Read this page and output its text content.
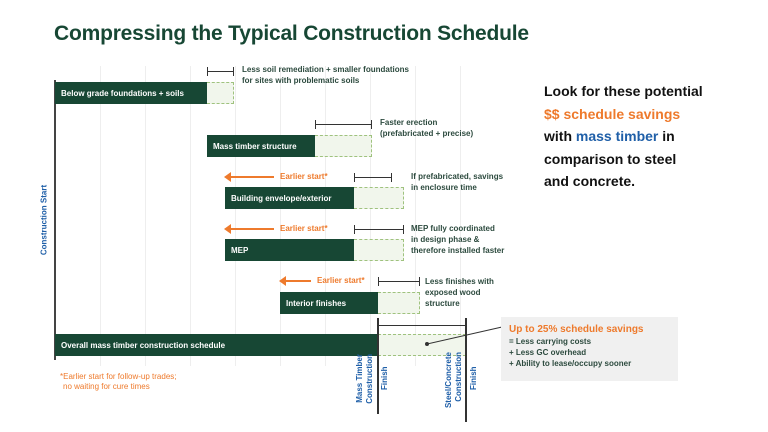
Compressing the Typical Construction Schedule
Construction Start
Less soil remediation + smaller foundations
for sites with problematic soils
Below grade foundations + soils
Faster erection
(prefabricated + precise)
Mass timber structure
Earlier start*	If prefabricated, savings
in enclosure time
Building envelope/exterior
Earlier start*	MEP fully coordinated
in design phase &
therefore installed faster
MEP
Earlier start*	Less finishes with
exposed wood
structure
Interior finishes
Overall mass timber construction schedule
Mass Timber Construction Finish	Steel/Concrete Construction Finish
*Earlier start for follow-up trades;
no waiting for cure times
Up to 25% schedule savings
= Less carrying costs
+ Less GC overhead
+ Ability to lease/occupy sooner
Look for these potential
$$ schedule savings
with mass timber in
comparison to steel
and concrete.
